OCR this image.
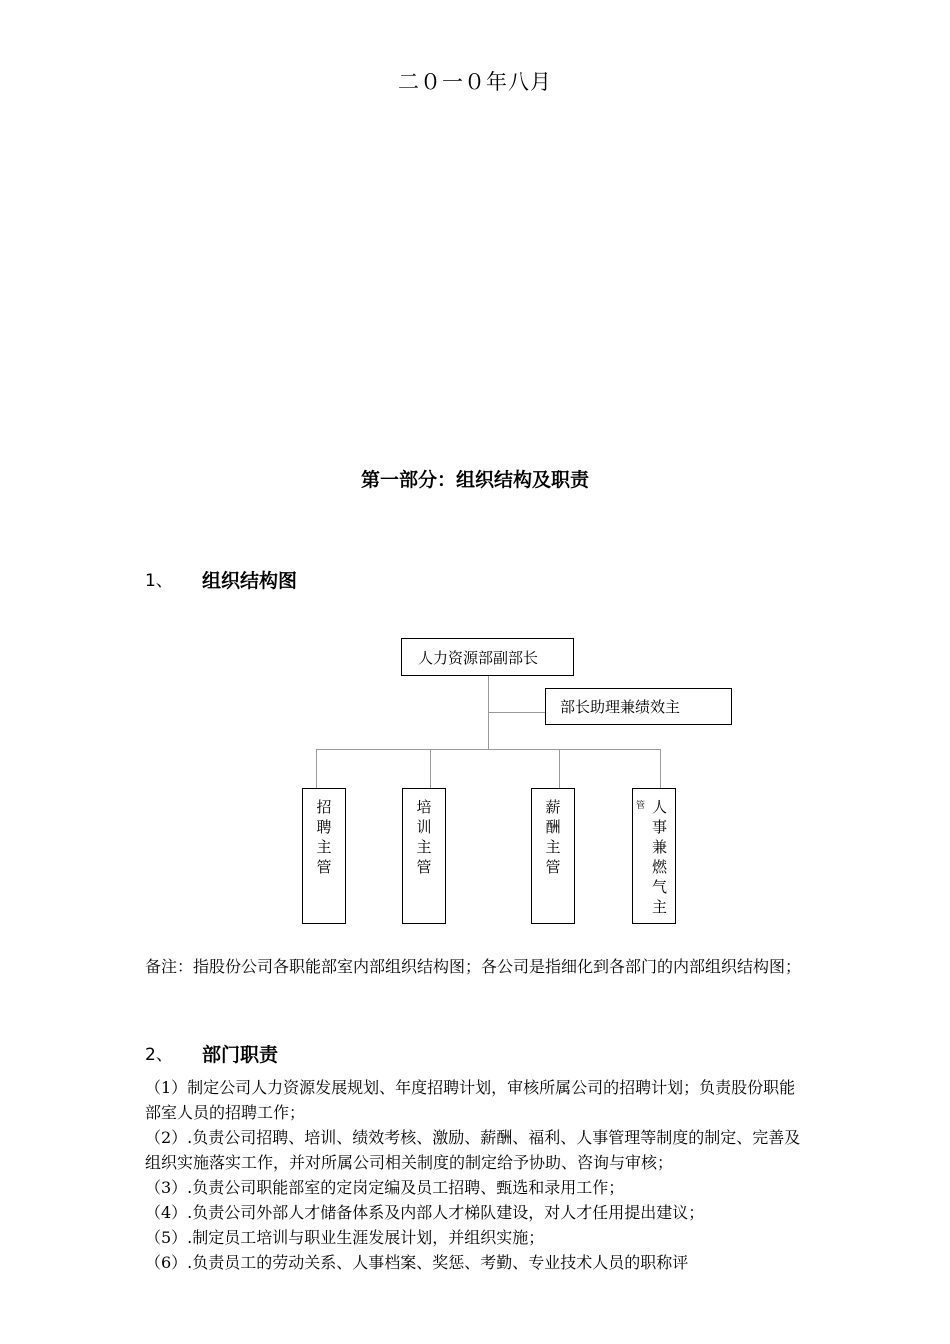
二０一０年八月
第一部分：组织结构及职责
1、 组织结构图
人力资源部副部长
部长助理兼绩效主
招
聘
主
管
培
训
主
管
薪
酬
主
管
人
事
兼
燃
气
主
管
备注：指股份公司各职能部室内部组织结构图；各公司是指细化到各部门的内部组织结构图；
2、 部门职责

（1）制定公司人力资源发展规划、年度招聘计划，审核所属公司的招聘计划；负责股份职能部室人员的招聘工作；

（2）.负责公司招聘、培训、绩效考核、激励、薪酬、福利、人事管理等制度的制定、完善及组织实施落实工作，并对所属公司相关制度的制定给予协助、咨询与审核；

（3）.负责公司职能部室的定岗定编及员工招聘、甄选和录用工作；

（4）.负责公司外部人才储备体系及内部人才梯队建设，对人才任用提出建议；

（5）.制定员工培训与职业生涯发展计划，并组织实施；

（6）.负责员工的劳动关系、人事档案、奖惩、考勤、专业技术人员的职称评
